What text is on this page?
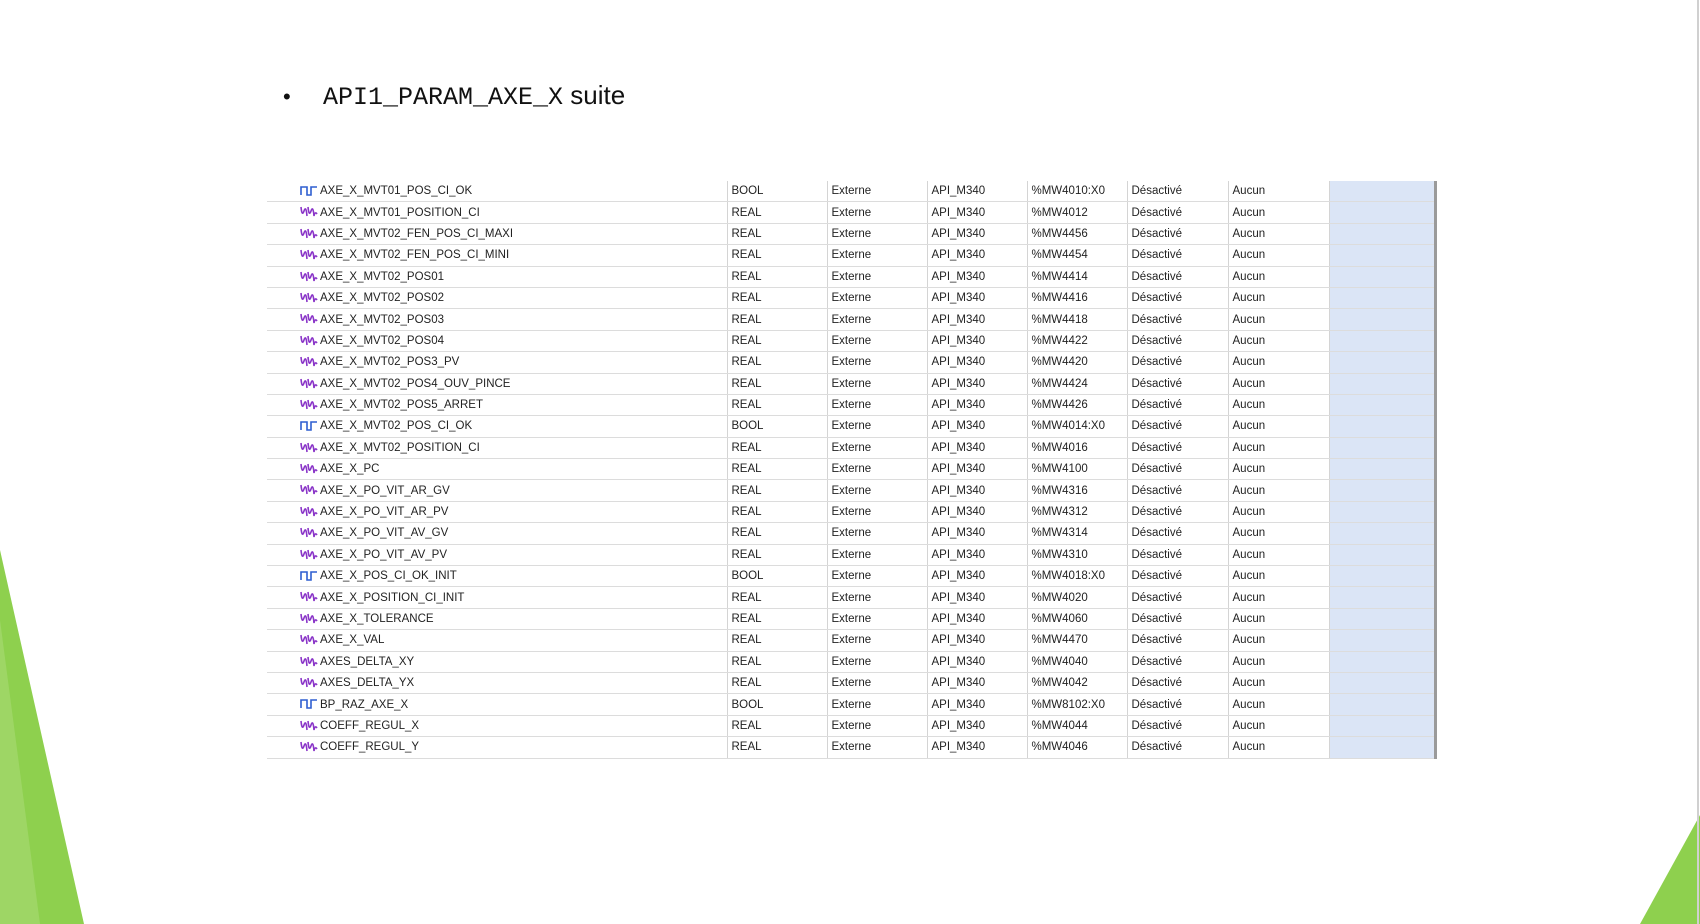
•	API1_PARAM_AXE_X suite
AXE_X_MVT01_POS_CI_OK	BOOL	Externe	API_M340	%MW4010:X0	Désactivé	Aucun	

AXE_X_MVT01_POSITION_CI	REAL	Externe	API_M340	%MW4012	Désactivé	Aucun	

AXE_X_MVT02_FEN_POS_CI_MAXI	REAL	Externe	API_M340	%MW4456	Désactivé	Aucun	

AXE_X_MVT02_FEN_POS_CI_MINI	REAL	Externe	API_M340	%MW4454	Désactivé	Aucun	

AXE_X_MVT02_POS01	REAL	Externe	API_M340	%MW4414	Désactivé	Aucun	

AXE_X_MVT02_POS02	REAL	Externe	API_M340	%MW4416	Désactivé	Aucun	

AXE_X_MVT02_POS03	REAL	Externe	API_M340	%MW4418	Désactivé	Aucun	

AXE_X_MVT02_POS04	REAL	Externe	API_M340	%MW4422	Désactivé	Aucun	

AXE_X_MVT02_POS3_PV	REAL	Externe	API_M340	%MW4420	Désactivé	Aucun	

AXE_X_MVT02_POS4_OUV_PINCE	REAL	Externe	API_M340	%MW4424	Désactivé	Aucun	

AXE_X_MVT02_POS5_ARRET	REAL	Externe	API_M340	%MW4426	Désactivé	Aucun	

AXE_X_MVT02_POS_CI_OK	BOOL	Externe	API_M340	%MW4014:X0	Désactivé	Aucun	

AXE_X_MVT02_POSITION_CI	REAL	Externe	API_M340	%MW4016	Désactivé	Aucun	

AXE_X_PC	REAL	Externe	API_M340	%MW4100	Désactivé	Aucun	

AXE_X_PO_VIT_AR_GV	REAL	Externe	API_M340	%MW4316	Désactivé	Aucun	

AXE_X_PO_VIT_AR_PV	REAL	Externe	API_M340	%MW4312	Désactivé	Aucun	

AXE_X_PO_VIT_AV_GV	REAL	Externe	API_M340	%MW4314	Désactivé	Aucun	

AXE_X_PO_VIT_AV_PV	REAL	Externe	API_M340	%MW4310	Désactivé	Aucun	

AXE_X_POS_CI_OK_INIT	BOOL	Externe	API_M340	%MW4018:X0	Désactivé	Aucun	

AXE_X_POSITION_CI_INIT	REAL	Externe	API_M340	%MW4020	Désactivé	Aucun	

AXE_X_TOLERANCE	REAL	Externe	API_M340	%MW4060	Désactivé	Aucun	

AXE_X_VAL	REAL	Externe	API_M340	%MW4470	Désactivé	Aucun	

AXES_DELTA_XY	REAL	Externe	API_M340	%MW4040	Désactivé	Aucun	

AXES_DELTA_YX	REAL	Externe	API_M340	%MW4042	Désactivé	Aucun	

BP_RAZ_AXE_X	BOOL	Externe	API_M340	%MW8102:X0	Désactivé	Aucun	

COEFF_REGUL_X	REAL	Externe	API_M340	%MW4044	Désactivé	Aucun	

COEFF_REGUL_Y	REAL	Externe	API_M340	%MW4046	Désactivé	Aucun	
